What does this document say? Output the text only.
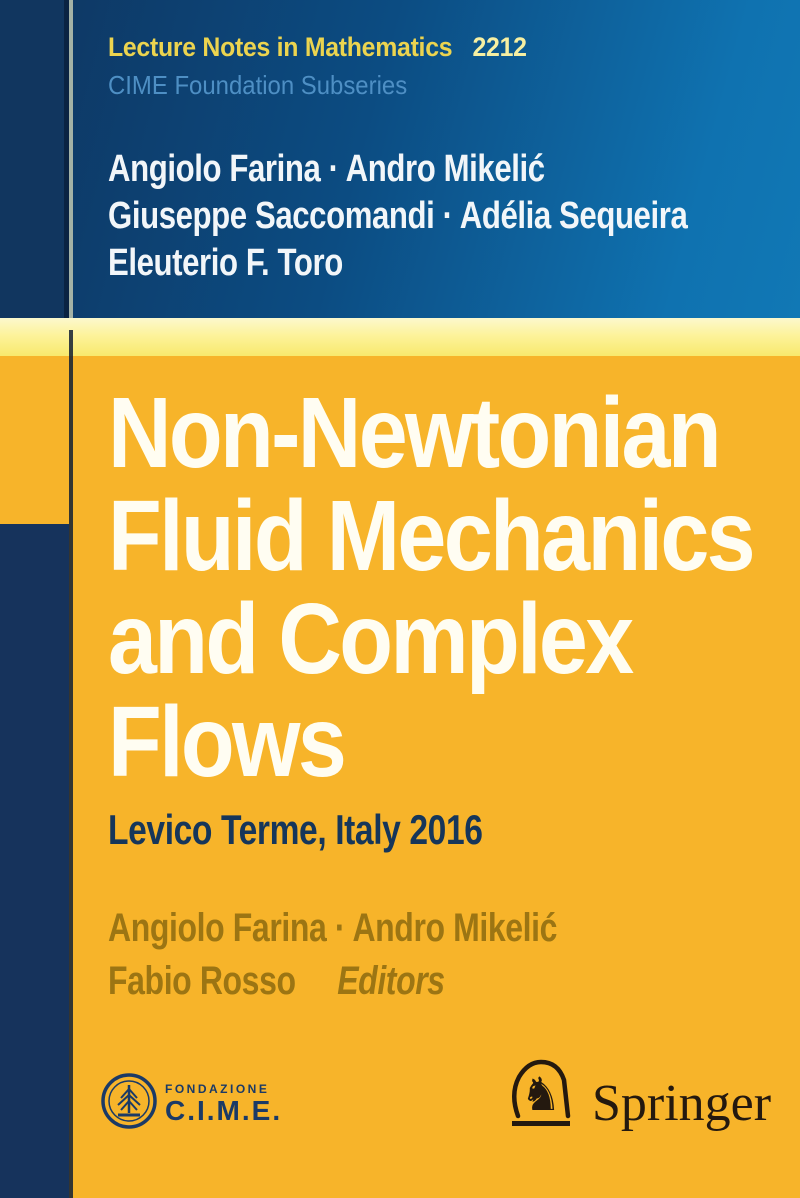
Lecture Notes in Mathematics 2212
CIME Foundation Subseries
Angiolo Farina · Andro Mikelić
Giuseppe Saccomandi · Adélia Sequeira
Eleuterio F. Toro
Non-Newtonian
Fluid Mechanics
and Complex
Flows
Levico Terme, Italy 2016
Angiolo Farina · Andro Mikelić
Fabio Rosso Editors
FONDAZIONE
C.I.M.E.	♞ Springer
